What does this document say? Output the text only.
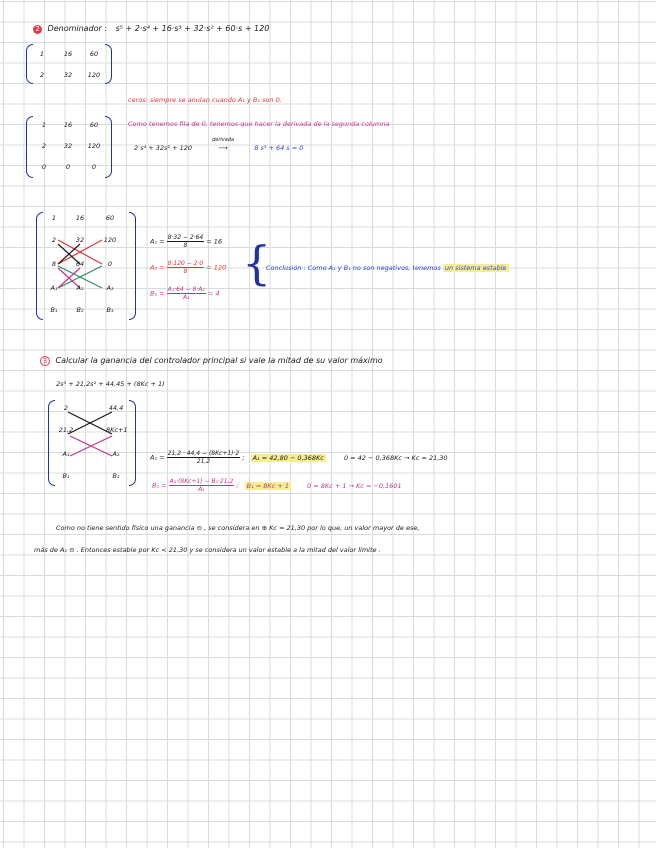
2 Denominador : s⁵ + 2·s⁴ + 16·s³ + 32·s² + 60·s + 120
1	16	60
2	32	120
ceros: siempre se anulan cuando A₁ y B₁ son 0.
1	16	60
2	32	120
0	0	0
Como tenemos fila de 0, tenemos que hacer la derivada de la segunda columna
2 s⁴ + 32s² + 120
derivada
⟶	8 s³ + 64 s = 0
1	16	60
2	32	120
8	64	0
A₁	A₂	A₃
B₁	B₂	B₃
$A_1 = \frac{8\cdot 32 - 2\cdot 64}{8} = 16$
$A_2 = \frac{8\cdot 120 - 2\cdot 0}{8} = 120$
$B_1 = \frac{\text{A₁·64 − 8·A₂}}{\text{A₁}} = 4$
{
Conclusión : Como A₁ y B₁ no son negativos, tenemos un sistema estable
3 Calcular la ganancia del controlador principal si vale la mitad de su valor máximo
2s³ + 21,2s² + 44,45 + (8Kc + 1)
2	44,4
21,2	8Kc+1
A₁	A₂
B₁	B₂
$A_1 = \frac{21,2 \cdot 44,4 - (8Kc+1)\cdot 2}{21,2}$ ; A₁ = 42,80 − 0,368Kc	0 = 42 − 0,368Kc → Kc = 21,30
$B_1 = \frac{\text{A₁·(8Kc+1) − B₁·21,2}}{\text{A₁}}$ ; B₁ = 8Kc + 1	0 = 8Kc + 1 → Kc = −0,1601
Como no tiene sentido físico una ganancia ⊝ , se considera en ⊕ Kc = 21,30 por lo que, un valor mayor de ese,
más de A₁ ⊝ . Entonces estable por Kc < 21,30 y se considera un valor estable a la mitad del valor límite .
